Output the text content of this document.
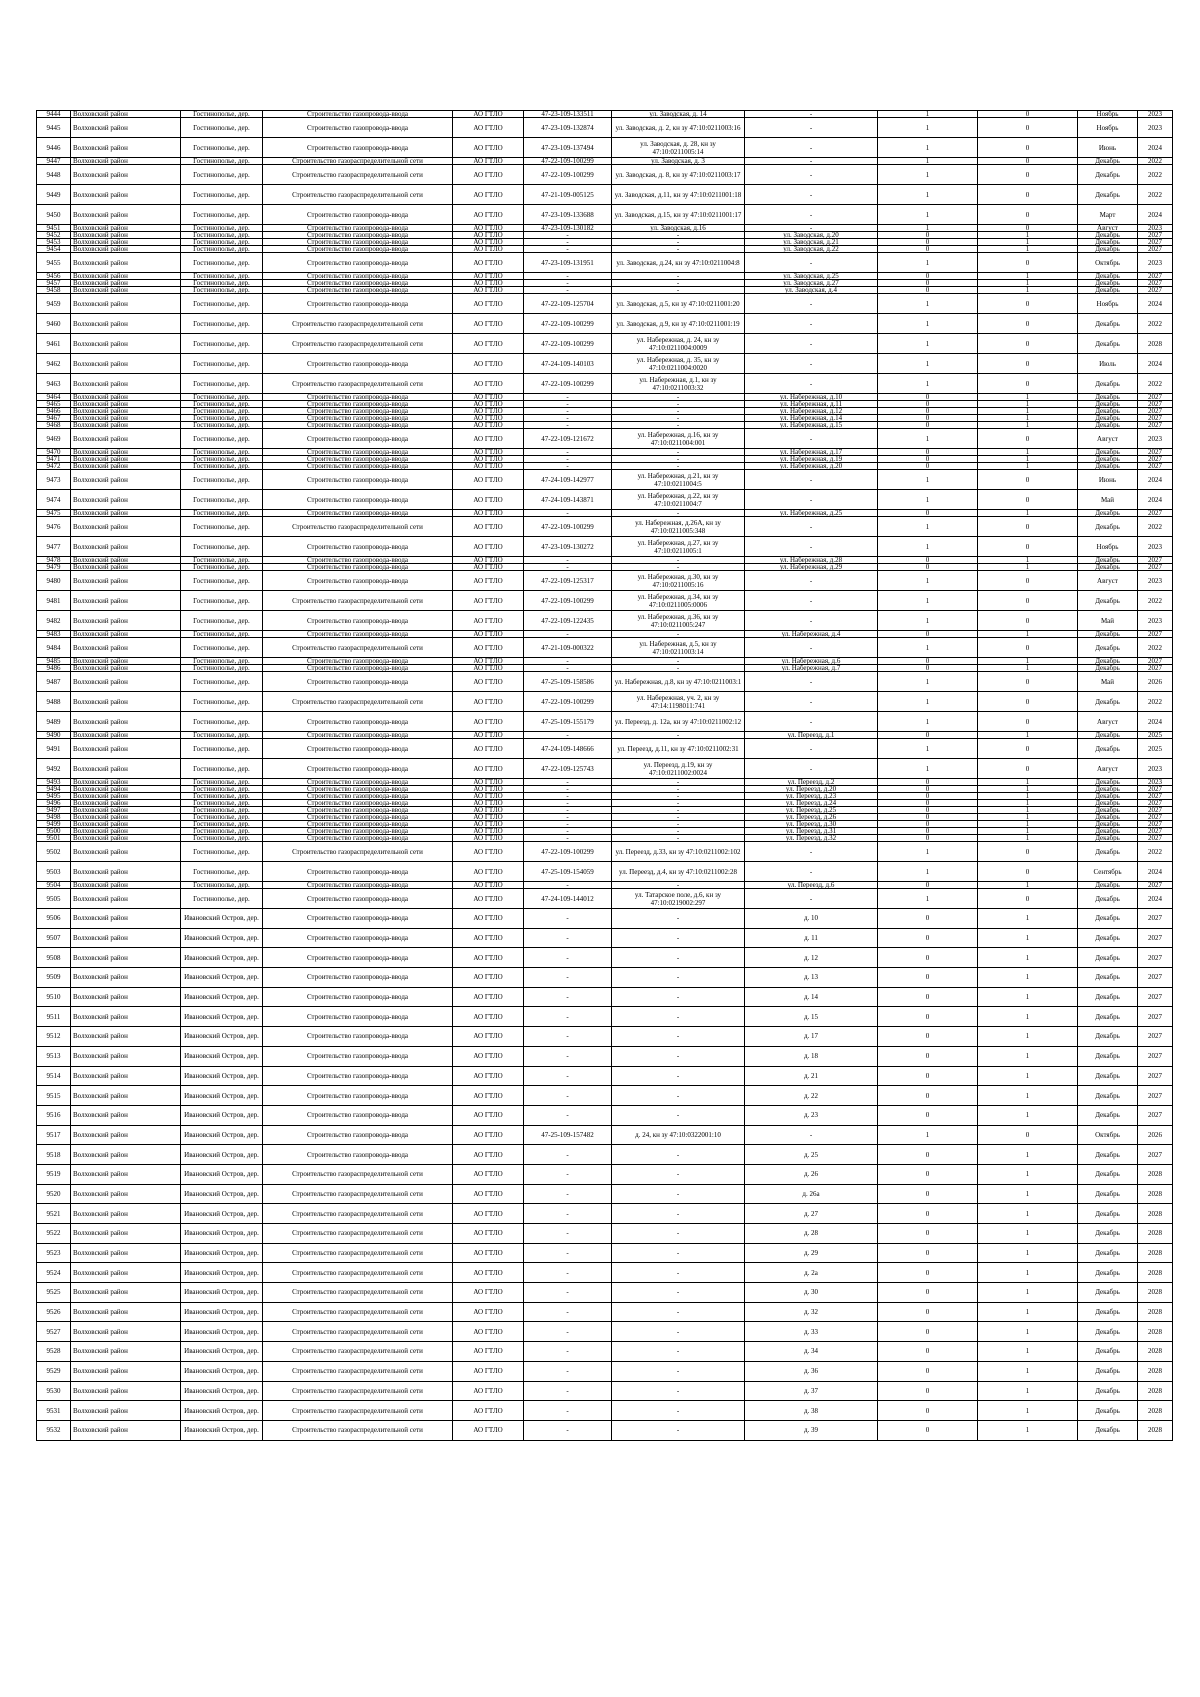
9444	Волховский район	Гостинополье, дер.	Строительство газопровода-ввода	АО ГТЛО	47-23-109-133511	ул. Заводская, д. 14	-	1	0	Ноябрь	2023
9445	Волховский район	Гостинополье, дер.	Строительство газопровода-ввода	АО ГТЛО	47-23-109-132874	ул. Заводская, д. 2, кн зу 47:10:0211003:16	-	1	0	Ноябрь	2023
9446	Волховский район	Гостинополье, дер.	Строительство газопровода-ввода	АО ГТЛО	47-23-109-137494	ул. Заводская, д. 28, кн зу 47:10:0211005:14	-	1	0	Июнь	2024
9447	Волховский район	Гостинополье, дер.	Строительство газораспределительной сети	АО ГТЛО	47-22-109-100299	ул. Заводская, д. 3	-	1	0	Декабрь	2022
9448	Волховский район	Гостинополье, дер.	Строительство газораспределительной сети	АО ГТЛО	47-22-109-100299	ул. Заводская, д. 8, кн зу 47:10:0211003:17	-	1	0	Декабрь	2022
9449	Волховский район	Гостинополье, дер.	Строительство газораспределительной сети	АО ГТЛО	47-21-109-005125	ул. Заводская, д.11, кн зу 47:10:0211001:18	-	1	0	Декабрь	2022
9450	Волховский район	Гостинополье, дер.	Строительство газопровода-ввода	АО ГТЛО	47-23-109-133688	ул. Заводская, д.15, кн зу 47:10:0211001:17	-	1	0	Март	2024
9451	Волховский район	Гостинополье, дер.	Строительство газопровода-ввода	АО ГТЛО	47-23-109-130182	ул. Заводская, д.16	-	1	0	Август	2023
9452	Волховский район	Гостинополье, дер.	Строительство газопровода-ввода	АО ГТЛО	-	-	ул. Заводская, д.20	0	1	Декабрь	2027
9453	Волховский район	Гостинополье, дер.	Строительство газопровода-ввода	АО ГТЛО	-	-	ул. Заводская, д.21	0	1	Декабрь	2027
9454	Волховский район	Гостинополье, дер.	Строительство газопровода-ввода	АО ГТЛО	-	-	ул. Заводская, д.22	0	1	Декабрь	2027
9455	Волховский район	Гостинополье, дер.	Строительство газопровода-ввода	АО ГТЛО	47-23-109-131951	ул. Заводская, д.24, кн зу 47:10:0211004:8	-	1	0	Октябрь	2023
9456	Волховский район	Гостинополье, дер.	Строительство газопровода-ввода	АО ГТЛО	-	-	ул. Заводская, д.25	0	1	Декабрь	2027
9457	Волховский район	Гостинополье, дер.	Строительство газопровода-ввода	АО ГТЛО	-	-	ул. Заводская, д.27	0	1	Декабрь	2027
9458	Волховский район	Гостинополье, дер.	Строительство газопровода-ввода	АО ГТЛО	-	-	ул. Заводская, д.4	0	1	Декабрь	2027
9459	Волховский район	Гостинополье, дер.	Строительство газопровода-ввода	АО ГТЛО	47-22-109-125704	ул. Заводская, д.5, кн зу 47:10:0211001:20	-	1	0	Ноябрь	2024
9460	Волховский район	Гостинополье, дер.	Строительство газораспределительной сети	АО ГТЛО	47-22-109-100299	ул. Заводская, д.9, кн зу 47:10:0211001:19	-	1	0	Декабрь	2022
9461	Волховский район	Гостинополье, дер.	Строительство газораспределительной сети	АО ГТЛО	47-22-109-100299	ул. Набережная, д. 24, кн зу 47:10:0211004:0009	-	1	0	Декабрь	2028
9462	Волховский район	Гостинополье, дер.	Строительство газопровода-ввода	АО ГТЛО	47-24-109-140103	ул. Набережная, д. 35, кн зу 47:10:0211004:0020	-	1	0	Июль	2024
9463	Волховский район	Гостинополье, дер.	Строительство газораспределительной сети	АО ГТЛО	47-22-109-100299	ул. Набережная, д.1, кн зу 47:10:0211003:32	-	1	0	Декабрь	2022
9464	Волховский район	Гостинополье, дер.	Строительство газопровода-ввода	АО ГТЛО	-	-	ул. Набережная, д.10	0	1	Декабрь	2027
9465	Волховский район	Гостинополье, дер.	Строительство газопровода-ввода	АО ГТЛО	-	-	ул. Набережная, д.11	0	1	Декабрь	2027
9466	Волховский район	Гостинополье, дер.	Строительство газопровода-ввода	АО ГТЛО	-	-	ул. Набережная, д.12	0	1	Декабрь	2027
9467	Волховский район	Гостинополье, дер.	Строительство газопровода-ввода	АО ГТЛО	-	-	ул. Набережная, д.14	0	1	Декабрь	2027
9468	Волховский район	Гостинополье, дер.	Строительство газопровода-ввода	АО ГТЛО	-	-	ул. Набережная, д.15	0	1	Декабрь	2027
9469	Волховский район	Гостинополье, дер.	Строительство газопровода-ввода	АО ГТЛО	47-22-109-121672	ул. Набережная, д.16, кн зу 47:10:0211004:001	-	1	0	Август	2023
9470	Волховский район	Гостинополье, дер.	Строительство газопровода-ввода	АО ГТЛО	-	-	ул. Набережная, д.17	0	1	Декабрь	2027
9471	Волховский район	Гостинополье, дер.	Строительство газопровода-ввода	АО ГТЛО	-	-	ул. Набережная, д.19	0	1	Декабрь	2027
9472	Волховский район	Гостинополье, дер.	Строительство газопровода-ввода	АО ГТЛО	-	-	ул. Набережная, д.20	0	1	Декабрь	2027
9473	Волховский район	Гостинополье, дер.	Строительство газопровода-ввода	АО ГТЛО	47-24-109-142977	ул. Набережная, д.21, кн зу 47:10:0211004:5	-	1	0	Июнь	2024
9474	Волховский район	Гостинополье, дер.	Строительство газопровода-ввода	АО ГТЛО	47-24-109-143871	ул. Набережная, д.22, кн зу 47:10:0211004:7	-	1	0	Май	2024
9475	Волховский район	Гостинополье, дер.	Строительство газопровода-ввода	АО ГТЛО	-	-	ул. Набережная, д.25	0	1	Декабрь	2027
9476	Волховский район	Гостинополье, дер.	Строительство газораспределительной сети	АО ГТЛО	47-22-109-100299	ул. Набережная, д.26А, кн зу 47:10:0211005:348	-	1	0	Декабрь	2022
9477	Волховский район	Гостинополье, дер.	Строительство газопровода-ввода	АО ГТЛО	47-23-109-130272	ул. Набережная, д.27, кн зу 47:10:0211005:1	-	1	0	Ноябрь	2023
9478	Волховский район	Гостинополье, дер.	Строительство газопровода-ввода	АО ГТЛО	-	-	ул. Набережная, д.28	0	1	Декабрь	2027
9479	Волховский район	Гостинополье, дер.	Строительство газопровода-ввода	АО ГТЛО	-	-	ул. Набережная, д.29	0	1	Декабрь	2027
9480	Волховский район	Гостинополье, дер.	Строительство газопровода-ввода	АО ГТЛО	47-22-109-125317	ул. Набережная, д.30, кн зу 47:10:0211005:16	-	1	0	Август	2023
9481	Волховский район	Гостинополье, дер.	Строительство газораспределительной сети	АО ГТЛО	47-22-109-100299	ул. Набережная, д.34, кн зу 47:10:0211005:0006	-	1	0	Декабрь	2022
9482	Волховский район	Гостинополье, дер.	Строительство газопровода-ввода	АО ГТЛО	47-22-109-122435	ул. Набережная, д.36, кн зу 47:10:0211005:247	-	1	0	Май	2023
9483	Волховский район	Гостинополье, дер.	Строительство газопровода-ввода	АО ГТЛО	-	-	ул. Набережная, д.4	0	1	Декабрь	2027
9484	Волховский район	Гостинополье, дер.	Строительство газораспределительной сети	АО ГТЛО	47-21-109-000322	ул. Набережная, д.5, кн зу 47:10:0211003:14	-	1	0	Декабрь	2022
9485	Волховский район	Гостинополье, дер.	Строительство газопровода-ввода	АО ГТЛО	-	-	ул. Набережная, д.6	0	1	Декабрь	2027
9486	Волховский район	Гостинополье, дер.	Строительство газопровода-ввода	АО ГТЛО	-	-	ул. Набережная, д.7	0	1	Декабрь	2027
9487	Волховский район	Гостинополье, дер.	Строительство газопровода-ввода	АО ГТЛО	47-25-109-158586	ул. Набережная, д.8, кн зу 47:10:0211003:1	-	1	0	Май	2026
9488	Волховский район	Гостинополье, дер.	Строительство газораспределительной сети	АО ГТЛО	47-22-109-100299	ул. Набережная, уч. 2, кн зу 47:14:1198011:741	-	1	0	Декабрь	2022
9489	Волховский район	Гостинополье, дер.	Строительство газопровода-ввода	АО ГТЛО	47-25-109-155179	ул. Переезд, д. 12а, кн зу 47:10:0211002:12	-	1	0	Август	2024
9490	Волховский район	Гостинополье, дер.	Строительство газопровода-ввода	АО ГТЛО	-	-	ул. Переезд, д.1	0	1	Декабрь	2025
9491	Волховский район	Гостинополье, дер.	Строительство газопровода-ввода	АО ГТЛО	47-24-109-148666	ул. Переезд, д.11, кн зу 47:10:0211002:31	-	1	0	Декабрь	2025
9492	Волховский район	Гостинополье, дер.	Строительство газопровода-ввода	АО ГТЛО	47-22-109-125743	ул. Переезд, д.19, кн зу 47:10:0211002:0024	-	1	0	Август	2023
9493	Волховский район	Гостинополье, дер.	Строительство газопровода-ввода	АО ГТЛО	-	-	ул. Переезд, д.2	0	1	Декабрь	2023
9494	Волховский район	Гостинополье, дер.	Строительство газопровода-ввода	АО ГТЛО	-	-	ул. Переезд, д.20	0	1	Декабрь	2027
9495	Волховский район	Гостинополье, дер.	Строительство газопровода-ввода	АО ГТЛО	-	-	ул. Переезд, д.23	0	1	Декабрь	2027
9496	Волховский район	Гостинополье, дер.	Строительство газопровода-ввода	АО ГТЛО	-	-	ул. Переезд, д.24	0	1	Декабрь	2027
9497	Волховский район	Гостинополье, дер.	Строительство газопровода-ввода	АО ГТЛО	-	-	ул. Переезд, д.25	0	1	Декабрь	2027
9498	Волховский район	Гостинополье, дер.	Строительство газопровода-ввода	АО ГТЛО	-	-	ул. Переезд, д.26	0	1	Декабрь	2027
9499	Волховский район	Гостинополье, дер.	Строительство газопровода-ввода	АО ГТЛО	-	-	ул. Переезд, д.30	0	1	Декабрь	2027
9500	Волховский район	Гостинополье, дер.	Строительство газопровода-ввода	АО ГТЛО	-	-	ул. Переезд, д.31	0	1	Декабрь	2027
9501	Волховский район	Гостинополье, дер.	Строительство газопровода-ввода	АО ГТЛО	-	-	ул. Переезд, д.32	0	1	Декабрь	2027
9502	Волховский район	Гостинополье, дер.	Строительство газораспределительной сети	АО ГТЛО	47-22-109-100299	ул. Переезд, д.33, кн зу 47:10:0211002:102	-	1	0	Декабрь	2022
9503	Волховский район	Гостинополье, дер.	Строительство газопровода-ввода	АО ГТЛО	47-25-109-154059	ул. Переезд, д.4, кн зу 47:10:0211002:28	-	1	0	Сентябрь	2024
9504	Волховский район	Гостинополье, дер.	Строительство газопровода-ввода	АО ГТЛО	-	-	ул. Переезд, д.6	0	1	Декабрь	2027
9505	Волховский район	Гостинополье, дер.	Строительство газопровода-ввода	АО ГТЛО	47-24-109-144012	ул. Татарское поле, д.6, кн зу 47:10:0219002:297	-	1	0	Декабрь	2024
9506	Волховский район	Ивановский Остров, дер.	Строительство газопровода-ввода	АО ГТЛО	-	-	д. 10	0	1	Декабрь	2027
9507	Волховский район	Ивановский Остров, дер.	Строительство газопровода-ввода	АО ГТЛО	-	-	д. 11	0	1	Декабрь	2027
9508	Волховский район	Ивановский Остров, дер.	Строительство газопровода-ввода	АО ГТЛО	-	-	д. 12	0	1	Декабрь	2027
9509	Волховский район	Ивановский Остров, дер.	Строительство газопровода-ввода	АО ГТЛО	-	-	д. 13	0	1	Декабрь	2027
9510	Волховский район	Ивановский Остров, дер.	Строительство газопровода-ввода	АО ГТЛО	-	-	д. 14	0	1	Декабрь	2027
9511	Волховский район	Ивановский Остров, дер.	Строительство газопровода-ввода	АО ГТЛО	-	-	д. 15	0	1	Декабрь	2027
9512	Волховский район	Ивановский Остров, дер.	Строительство газопровода-ввода	АО ГТЛО	-	-	д. 17	0	1	Декабрь	2027
9513	Волховский район	Ивановский Остров, дер.	Строительство газопровода-ввода	АО ГТЛО	-	-	д. 18	0	1	Декабрь	2027
9514	Волховский район	Ивановский Остров, дер.	Строительство газопровода-ввода	АО ГТЛО	-	-	д. 21	0	1	Декабрь	2027
9515	Волховский район	Ивановский Остров, дер.	Строительство газопровода-ввода	АО ГТЛО	-	-	д. 22	0	1	Декабрь	2027
9516	Волховский район	Ивановский Остров, дер.	Строительство газопровода-ввода	АО ГТЛО	-	-	д. 23	0	1	Декабрь	2027
9517	Волховский район	Ивановский Остров, дер.	Строительство газопровода-ввода	АО ГТЛО	47-25-109-157482	д. 24, кн зу 47:10:0322001:10	-	1	0	Октябрь	2026
9518	Волховский район	Ивановский Остров, дер.	Строительство газопровода-ввода	АО ГТЛО	-	-	д. 25	0	1	Декабрь	2027
9519	Волховский район	Ивановский Остров, дер.	Строительство газораспределительной сети	АО ГТЛО	-	-	д. 26	0	1	Декабрь	2028
9520	Волховский район	Ивановский Остров, дер.	Строительство газораспределительной сети	АО ГТЛО	-	-	д. 26а	0	1	Декабрь	2028
9521	Волховский район	Ивановский Остров, дер.	Строительство газораспределительной сети	АО ГТЛО	-	-	д. 27	0	1	Декабрь	2028
9522	Волховский район	Ивановский Остров, дер.	Строительство газораспределительной сети	АО ГТЛО	-	-	д. 28	0	1	Декабрь	2028
9523	Волховский район	Ивановский Остров, дер.	Строительство газораспределительной сети	АО ГТЛО	-	-	д. 29	0	1	Декабрь	2028
9524	Волховский район	Ивановский Остров, дер.	Строительство газораспределительной сети	АО ГТЛО	-	-	д. 2а	0	1	Декабрь	2028
9525	Волховский район	Ивановский Остров, дер.	Строительство газораспределительной сети	АО ГТЛО	-	-	д. 30	0	1	Декабрь	2028
9526	Волховский район	Ивановский Остров, дер.	Строительство газораспределительной сети	АО ГТЛО	-	-	д. 32	0	1	Декабрь	2028
9527	Волховский район	Ивановский Остров, дер.	Строительство газораспределительной сети	АО ГТЛО	-	-	д. 33	0	1	Декабрь	2028
9528	Волховский район	Ивановский Остров, дер.	Строительство газораспределительной сети	АО ГТЛО	-	-	д. 34	0	1	Декабрь	2028
9529	Волховский район	Ивановский Остров, дер.	Строительство газораспределительной сети	АО ГТЛО	-	-	д. 36	0	1	Декабрь	2028
9530	Волховский район	Ивановский Остров, дер.	Строительство газораспределительной сети	АО ГТЛО	-	-	д. 37	0	1	Декабрь	2028
9531	Волховский район	Ивановский Остров, дер.	Строительство газораспределительной сети	АО ГТЛО	-	-	д. 38	0	1	Декабрь	2028
9532	Волховский район	Ивановский Остров, дер.	Строительство газораспределительной сети	АО ГТЛО	-	-	д. 39	0	1	Декабрь	2028
